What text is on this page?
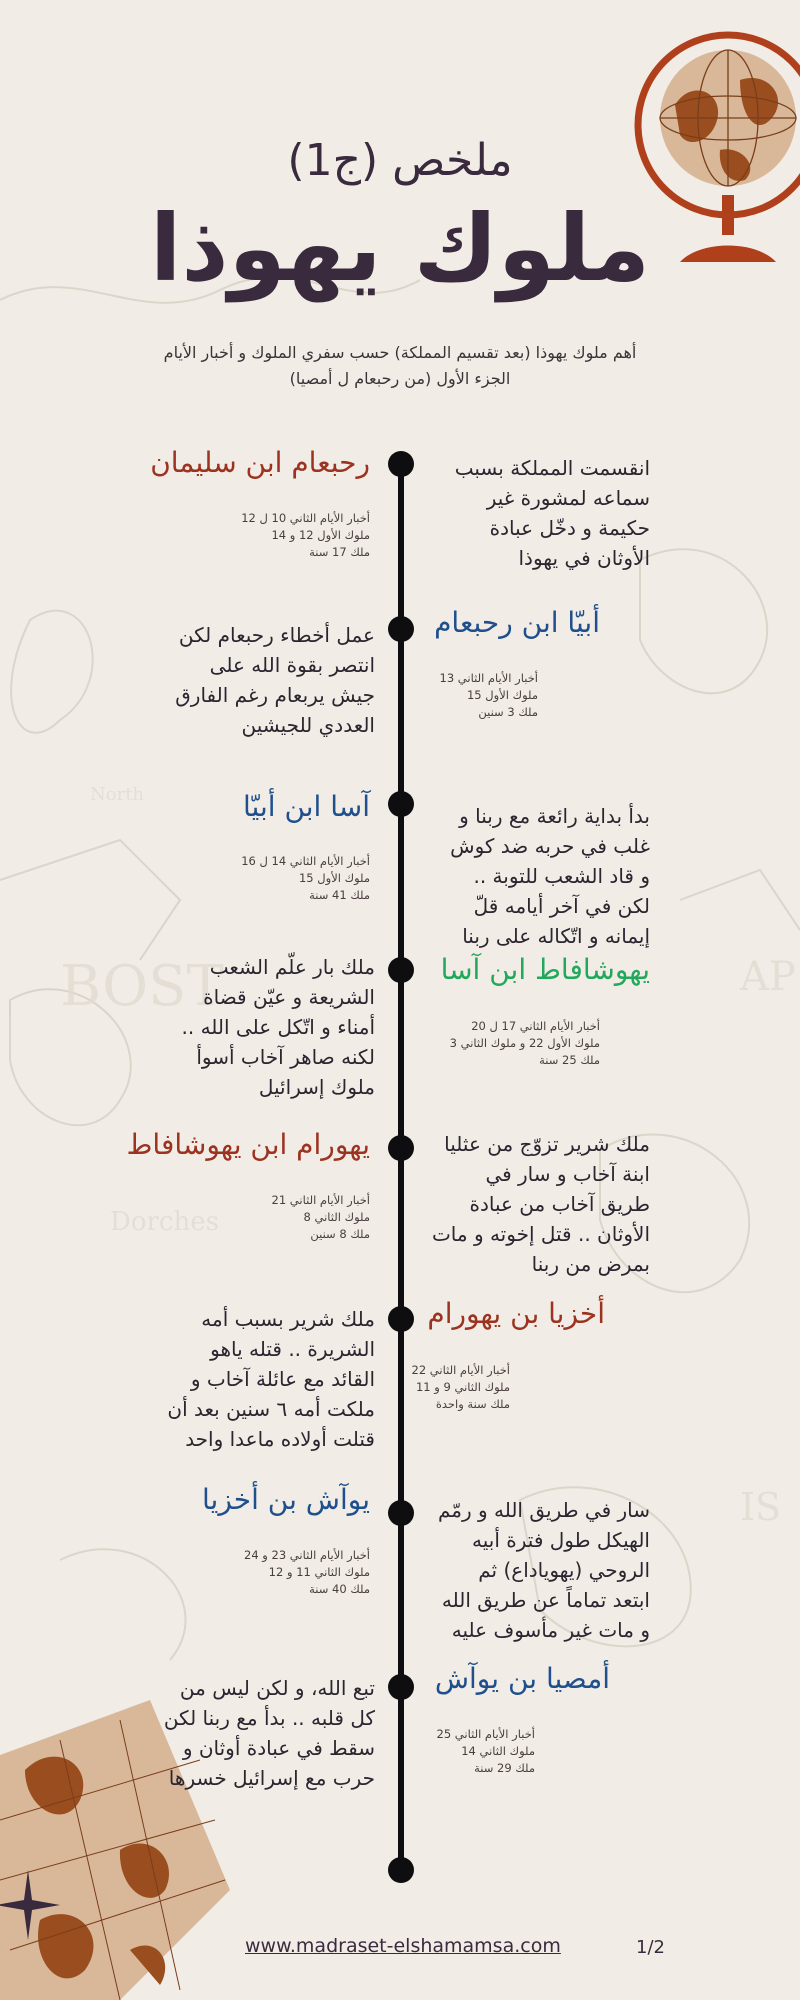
BOST	AP
North
IS
Dorches
(ج1) ملخص
ملوك يهوذا
أهم ملوك يهوذا (بعد تقسيم المملكة) حسب سفري الملوك و أخبار الأيام
الجزء الأول (من رحبعام ل أمصيا)
رحبعام ابن سليمان
أخبار الأيام الثاني 10 ل 12
ملوك الأول 12 و 14
ملك 17 سنة
انقسمت المملكة بسبب
سماعه لمشورة غير
حكيمة و دخّل عبادة
الأوثان في يهوذا
عمل أخطاء رحبعام لكن
انتصر بقوة الله على
جيش يربعام رغم الفارق
العددي للجيشين
أبيّا ابن رحبعام
أخبار الأيام الثاني 13
ملوك الأول 15
ملك 3 سنين
آسا ابن أبيّا
أخبار الأيام الثاني 14 ل 16
ملوك الأول 15
ملك 41 سنة
بدأ بداية رائعة مع ربنا و
غلب في حربه ضد كوش
و قاد الشعب للتوبة ..
لكن في آخر أيامه قلّ
إيمانه و اتّكاله على ربنا
ملك بار علّم الشعب
الشريعة و عيّن قضاة
أمناء و اتّكل على الله ..
لكنه صاهر آخاب أسوأ
ملوك إسرائيل
يهوشافاط ابن آسا
أخبار الأيام الثاني 17 ل 20
ملوك الأول 22 و ملوك الثاني 3
ملك 25 سنة
يهورام ابن يهوشافاط
أخبار الأيام الثاني 21
ملوك الثاني 8
ملك 8 سنين
ملك شرير تزوّج من عثليا
ابنة آخاب و سار في
طريق آخاب من عبادة
الأوثان .. قتل إخوته و مات
بمرض من ربنا
ملك شرير بسبب أمه
الشريرة .. قتله ياهو
القائد مع عائلة آخاب و
ملكت أمه ٦ سنين بعد أن
قتلت أولاده ماعدا واحد
أخزيا بن يهورام
أخبار الأيام الثاني 22
ملوك الثاني 9 و 11
ملك سنة واحدة
يوآش بن أخزيا
أخبار الأيام الثاني 23 و 24
ملوك الثاني 11 و 12
ملك 40 سنة
سار في طريق الله و رمّم
الهيكل طول فترة أبيه
الروحي (يهوياداع) ثم
ابتعد تماماً عن طريق الله
و مات غير مأسوف عليه
تبع الله، و لكن ليس من
كل قلبه .. بدأ مع ربنا لكن
سقط في عبادة أوثان و
حرب مع إسرائيل خسرها
أمصيا بن يوآش
أخبار الأيام الثاني 25
ملوك الثاني 14
ملك 29 سنة
www.madraset-elshamamsa.com	1/2
